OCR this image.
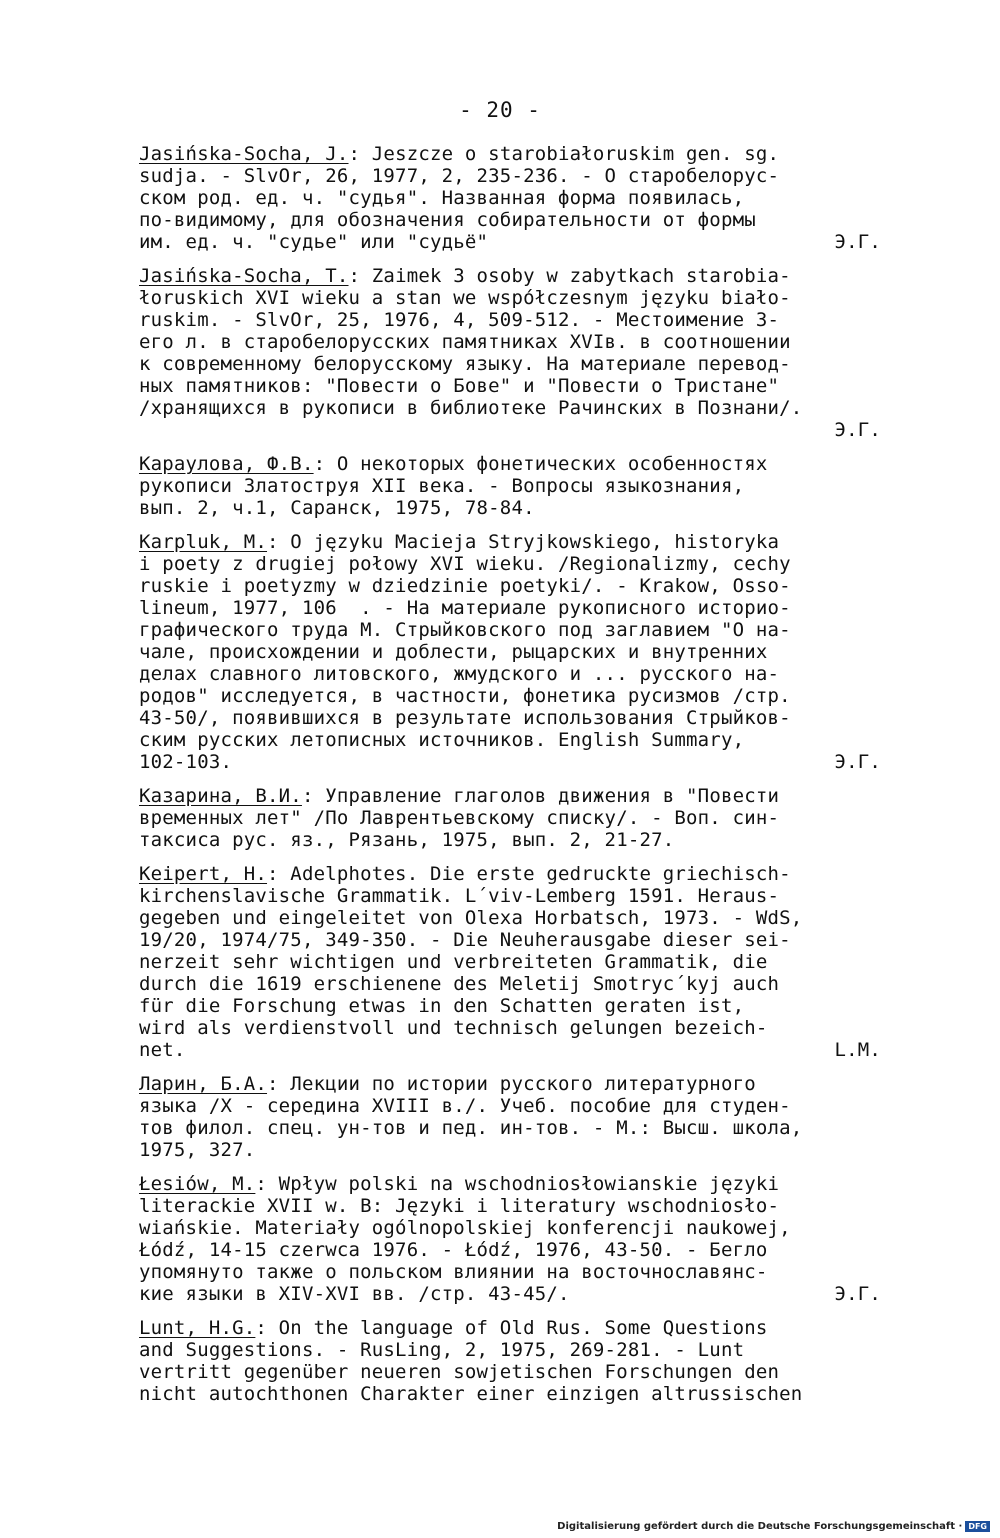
- 20 -
Jasińska-Socha, J.: Jeszcze o starobiałoruskim gen. sg.
sudja. - SlvOr, 26, 1977, 2, 235-236. - О старобелорус-
ском род. ед. ч. "судья". Названная форма появилась,
по-видимому, для обозначения собирательности от формы
им. ед. ч. "судье" или "судьё"	Э.Г.
Jasińska-Socha, T.: Zaimek 3 osoby w zabytkach starobia-
łoruskich XVI wieku a stan we współczesnym języku biało-
ruskim. - SlvOr, 25, 1976, 4, 509-512. - Местоимение 3-
его л. в старобелорусских памятниках XVIв. в соотношении
к современному белорусскому языку. На материале перевод-
ных памятников: "Повести о Бове" и "Повести о Тристане"
/хранящихся в рукописи в библиотеке Рачинских в Познани/.
Э.Г.
Караулова, Ф.В.: О некоторых фонетических особенностях
рукописи Златоструя XII века. - Вопросы языкознания,
вып. 2, ч.1, Саранск, 1975, 78-84.
Karpluk, M.: O języku Macieja Stryjkowskiego, historyka
i poety z drugiej połowy XVI wieku. /Regionalizmy, cechy
ruskie i poetyzmy w dziedzinie poetyki/. - Krakow, Osso-
lineum, 1977, 106  . - На материале рукописного историо-
графического труда М. Стрыйковского под заглавием "О на-
чале, происхождении и доблести, рыцарских и внутренних
делах славного литовского, жмудского и ... русского на-
родов" исследуется, в частности, фонетика русизмов /стр.
43-50/, появившихся в результате использования Стрыйков-
ским русских летописных источников. English Summary,
102-103.	Э.Г.
Казарина, В.И.: Управление глаголов движения в "Повести
временных лет" /По Лаврентьевскому списку/. - Воп. син-
таксиса рус. яз., Рязань, 1975, вып. 2, 21-27.
Keipert, H.: Adelphotes. Die erste gedruckte griechisch-
kirchenslavische Grammatik. L´viv-Lemberg 1591. Heraus-
gegeben und eingeleitet von Olexa Horbatsch, 1973. - WdS,
19/20, 1974/75, 349-350. - Die Neuherausgabe dieser sei-
nerzeit sehr wichtigen und verbreiteten Grammatik, die
durch die 1619 erschienene des Meletij Smotryc´kyj auch
für die Forschung etwas in den Schatten geraten ist,
wird als verdienstvoll und technisch gelungen bezeich-
net.	L.M.
Ларин, Б.А.: Лекции по истории русского литературного
языка /X - середина XVIII в./. Учеб. пособие для студен-
тов филол. спец. ун-тов и пед. ин-тов. - М.: Высш. школа,
1975, 327.
Łesiów, M.: Wpływ polski na wschodniosłowianskie języki
literackie XVII w. B: Języki i literatury wschodniosło-
wiańskie. Materiały ogólnopolskiej konferencji naukowej,
Łódź, 14-15 czerwca 1976. - Łódź, 1976, 43-50. - Бегло
упомянуто также о польском влиянии на восточнославянс-
кие языки в XIV-XVI вв. /стр. 43-45/.	Э.Г.
Lunt, H.G.: On the language of Old Rus. Some Questions
and Suggestions. - RusLing, 2, 1975, 269-281. - Lunt
vertritt gegenüber neueren sowjetischen Forschungen den
nicht autochthonen Charakter einer einzigen altrussischen
Digitalisierung gefördert durch die Deutsche Forschungsgemeinschaft · DFG
